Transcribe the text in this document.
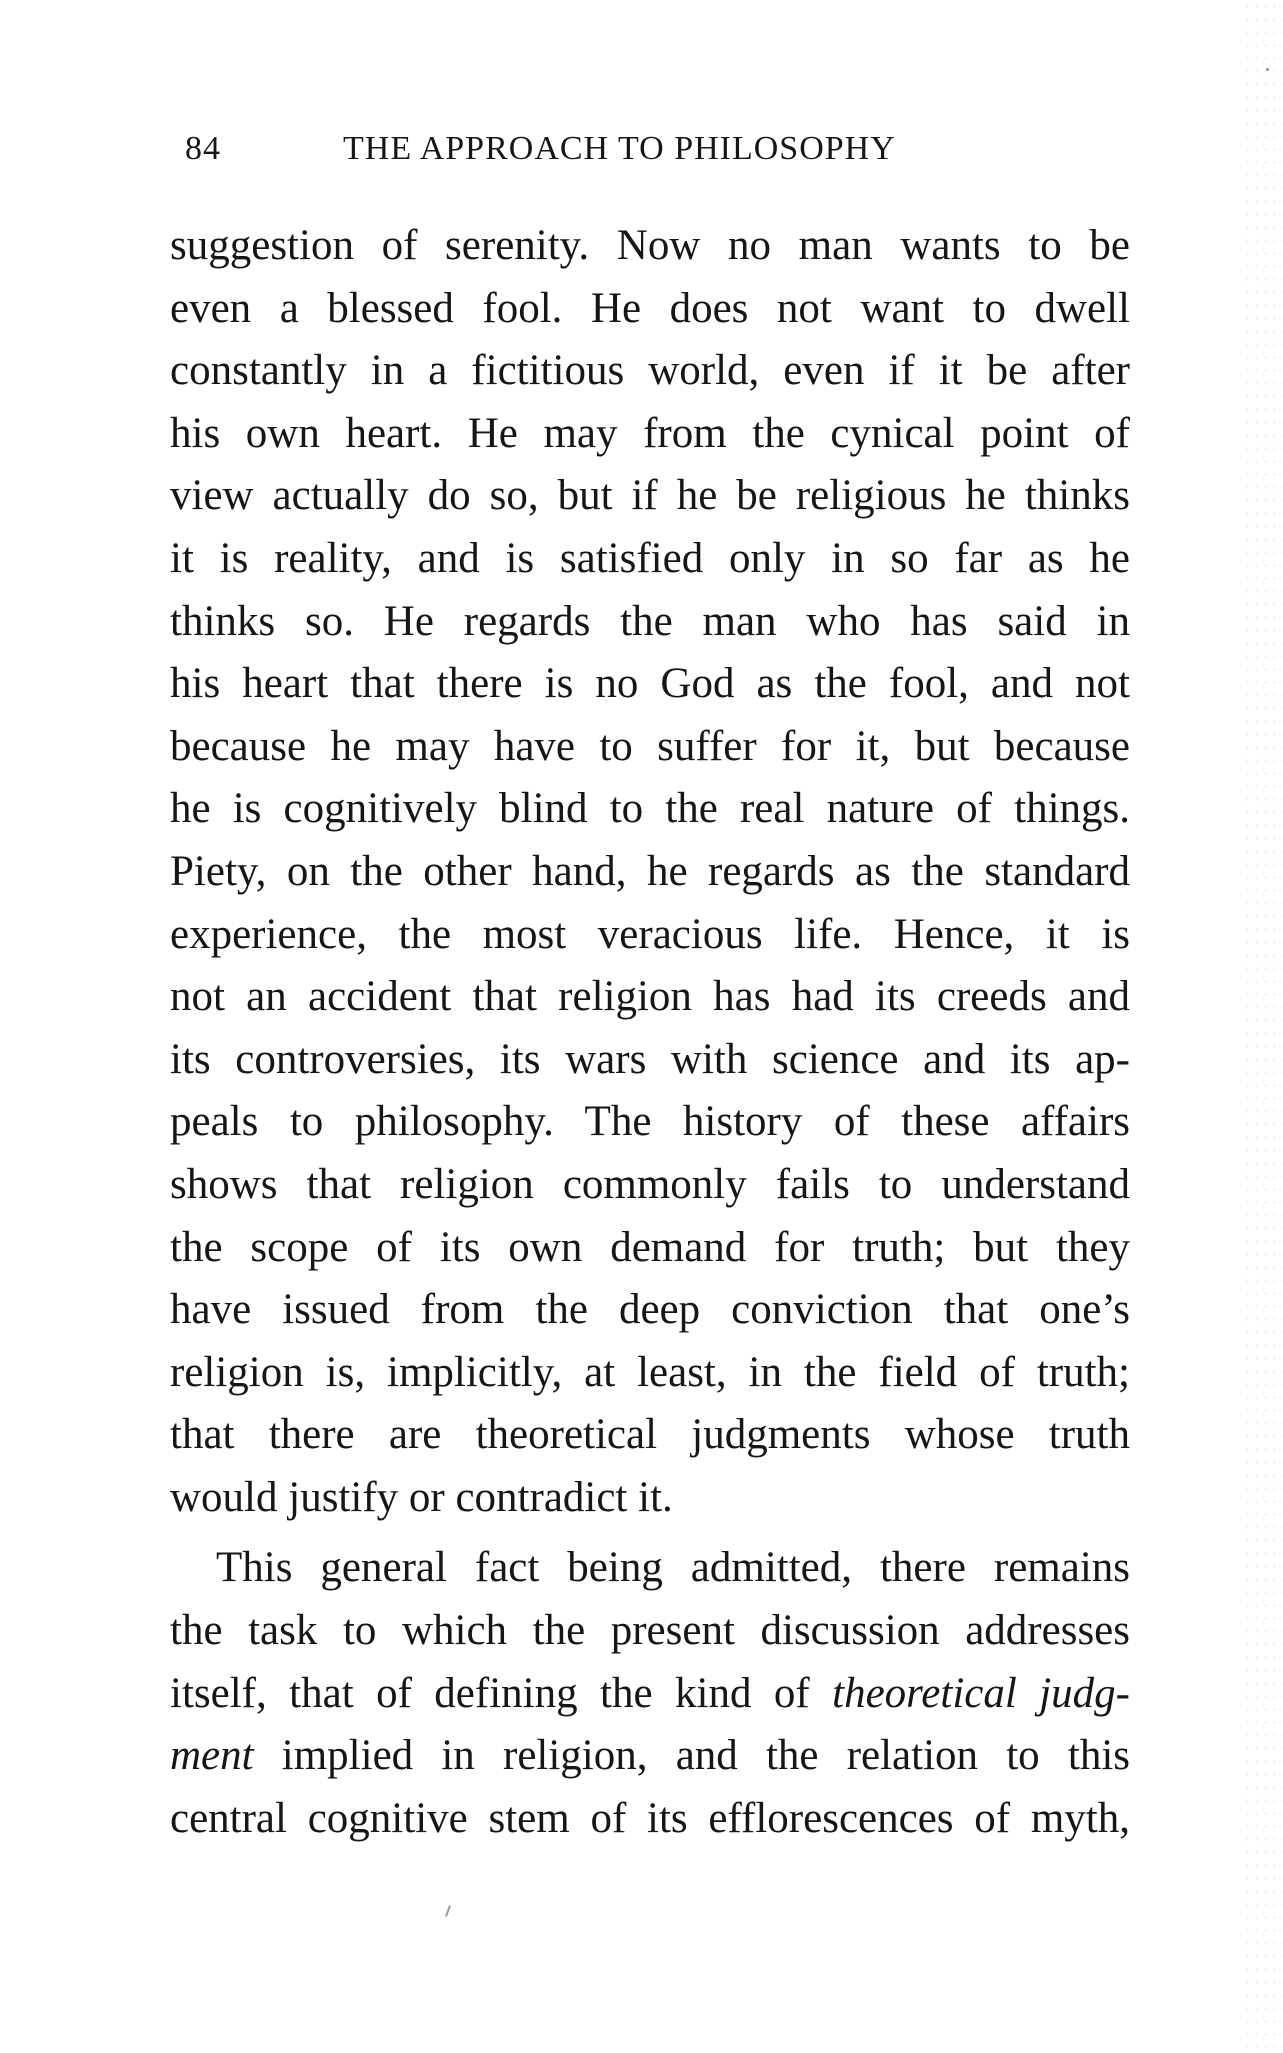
84	THE APPROACH TO PHILOSOPHY
suggestion of serenity. Now no man wants to be
even a blessed fool. He does not want to dwell
constantly in a fictitious world, even if it be after
his own heart. He may from the cynical point of
view actually do so, but if he be religious he thinks
it is reality, and is satisfied only in so far as he
thinks so. He regards the man who has said in
his heart that there is no God as the fool, and not
because he may have to suffer for it, but because
he is cognitively blind to the real nature of things.
Piety, on the other hand, he regards as the standard
experience, the most veracious life. Hence, it is
not an accident that religion has had its creeds and
its controversies, its wars with science and its ap-
peals to philosophy. The history of these affairs
shows that religion commonly fails to understand
the scope of its own demand for truth; but they
have issued from the deep conviction that one’s
religion is, implicitly, at least, in the field of truth;
that there are theoretical judgments whose truth
would justify or contradict it.
This general fact being admitted, there remains
the task to which the present discussion addresses
itself, that of defining the kind of theoretical judg-
ment implied in religion, and the relation to this
central cognitive stem of its efflorescences of myth,
